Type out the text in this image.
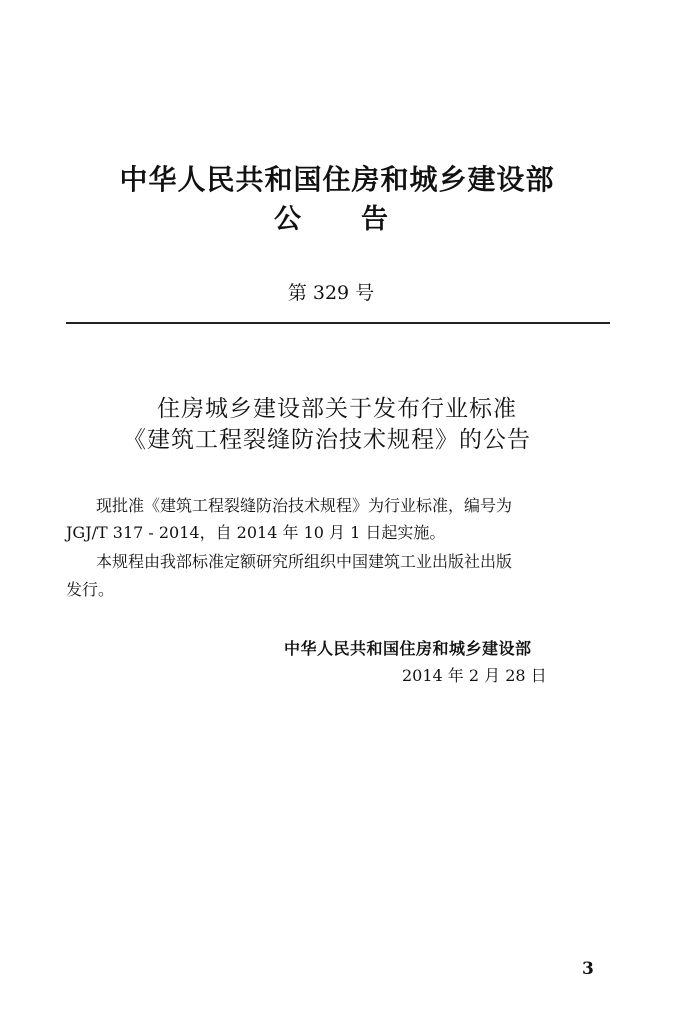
中华人民共和国住房和城乡建设部
公告
第 329 号
住房城乡建设部关于发布行业标准
《建筑工程裂缝防治技术规程》的公告
现批准《建筑工程裂缝防治技术规程》为行业标准，编号为
JGJ/T 317 - 2014，自 2014 年 10 月 1 日起实施。
本规程由我部标准定额研究所组织中国建筑工业出版社出版
发行。
中华人民共和国住房和城乡建设部
2014 年 2 月 28 日
3
